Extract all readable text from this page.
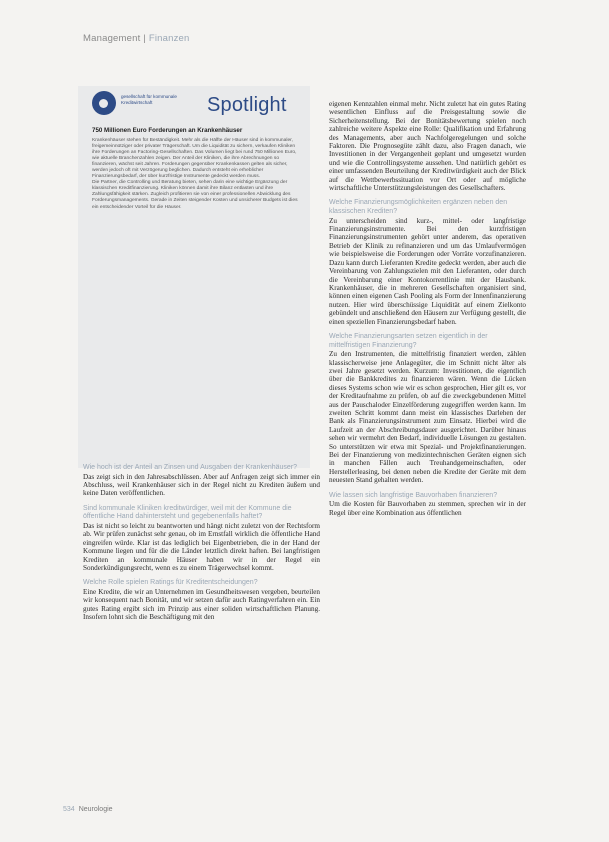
Management | Finanzen
gesellschaft für kommunale Kreditwirtschaft	Spotlight
750 Millionen Euro Forderungen an Krankenhäuser

Krankenhäuser stehen für Beständigkeit. Mehr als die Hälfte der Häuser sind in kommunaler, freigemeinnütziger oder privater Trägerschaft. Um die Liquidität zu sichern, verkaufen Kliniken ihre Forderungen an Factoring-Gesellschaften. Das Volumen liegt bei rund 750 Millionen Euro, wie aktuelle Branchenzahlen zeigen. Der Anteil der Kliniken, die ihre Abrechnungen so finanzieren, wächst seit Jahren. Forderungen gegenüber Krankenkassen gelten als sicher, werden jedoch oft mit Verzögerung beglichen. Dadurch entsteht ein erheblicher Finanzierungsbedarf, der über kurzfristige Instrumente gedeckt werden muss.

Die Partner, die Controlling und Beratung bieten, sehen darin eine wichtige Ergänzung der klassischen Kreditfinanzierung. Kliniken können damit ihre Bilanz entlasten und ihre Zahlungsfähigkeit stärken. Zugleich profitieren sie von einer professionellen Abwicklung des Forderungsmanagements. Gerade in Zeiten steigender Kosten und unsicherer Budgets ist dies ein entscheidender Vorteil für die Häuser.

Wie hoch ist der Anteil an Zinsen und Ausgaben der Krankenhäuser?

Das zeigt sich in den Jahresabschlüssen. Aber auf Anfragen zeigt sich immer ein Abschluss, weil Krankenhäuser sich in der Regel nicht zu Krediten äußern und keine Daten veröffentlichen.

Sind kommunale Kliniken kreditwürdiger, weil mit der Kommune die öffentliche Hand dahintersteht und gegebenenfalls haftet?

Das ist nicht so leicht zu beantworten und hängt nicht zuletzt von der Rechtsform ab. Wir prüfen zunächst sehr genau, ob im Ernstfall wirklich die öffentliche Hand eingreifen würde. Klar ist das lediglich bei Eigenbetrieben, die in der Hand der Kommune liegen und für die die Länder letztlich direkt haften. Bei langfristigen Krediten an kommunale Häuser haben wir in der Regel ein Sonderkündigungsrecht, wenn es zu einem Trägerwechsel kommt.

Welche Rolle spielen Ratings für Kreditentscheidungen?

Eine Kredite, die wir an Unternehmen im Gesundheitswesen vergeben, beurteilen wir konsequent nach Bonität, und wir setzen dafür auch Ratingverfahren ein. Ein gutes Rating ergibt sich im Prinzip aus einer soliden wirtschaftlichen Planung. Insofern lohnt sich die Beschäftigung mit den

eigenen Kennzahlen einmal mehr. Nicht zuletzt hat ein gutes Rating wesentlichen Einfluss auf die Preisgestaltung sowie die Sicherheitenstellung. Bei der Bonitätsbewertung spielen noch zahlreiche weitere Aspekte eine Rolle: Qualifikation und Erfahrung des Managements, aber auch Nachfolgeregelungen und solche Faktoren. Die Prognosegüte zählt dazu, also Fragen danach, wie Investitionen in der Vergangenheit geplant und umgesetzt wurden und wie die Controllingsysteme aussehen. Und natürlich gehört es einer umfassenden Beurteilung der Kreditwürdigkeit auch der Blick auf die Wettbewerbssituation vor Ort oder auf mögliche wirtschaftliche Unterstützungsleistungen des Gesellschafters.

Welche Finanzierungsmöglichkeiten ergänzen neben den klassischen Krediten?

Zu unterscheiden sind kurz-, mittel- oder langfristige Finanzierungsinstrumente. Bei den kurzfristigen Finanzierungsinstrumenten gehört unter anderem, das operativen Betrieb der Klinik zu refinanzieren und um das Umlaufvermögen wie beispielsweise die Forderungen oder Vorräte vorzufinanzieren. Dazu kann durch Lieferanten Kredite gedeckt werden, aber auch die Vereinbarung von Zahlungszielen mit den Lieferanten, oder durch die Vereinbarung einer Kontokorrentlinie mit der Hausbank. Krankenhäuser, die in mehreren Gesellschaften organisiert sind, können einen eigenen Cash Pooling als Form der Innenfinanzierung nutzen. Hier wird überschüssige Liquidität auf einem Zielkonto gebündelt und anschließend den Häusern zur Verfügung gestellt, die einen speziellen Finanzierungsbedarf haben.

Welche Finanzierungsarten setzen eigentlich in der mittelfristigen Finanzierung?

Zu den Instrumenten, die mittelfristig finanziert werden, zählen klassischerweise jene Anlagegüter, die im Schnitt nicht älter als zwei Jahre gesetzt werden. Kurzum: Investitionen, die eigentlich über die Bankkredites zu finanzieren wären. Wenn die Lücken dieses Systems schon wie wir es schon gesprochen, Hier gilt es, vor der Kreditaufnahme zu prüfen, ob auf die zweckgebundenen Mittel aus der Pauschaloder Einzelförderung zugegriffen werden kann. Im zweiten Schritt kommt dann meist ein klassisches Darlehen der Bank als Finanzierungsinstrument zum Einsatz. Hierbei wird die Laufzeit an der Abschreibungsdauer ausgerichtet. Darüber hinaus sehen wir vermehrt den Bedarf, individuelle Lösungen zu gestalten. So unterstützen wir etwa mit Spezial- und Projektfinanzierungen. Bei der Finanzierung von medizintechnischen Geräten eignen sich in manchen Fällen auch Treuhandgemeinschaften, oder Herstellerleasing, bei denen neben die Kredite der Geräte mit dem neuesten Stand gehalten werden.

Wie lassen sich langfristige Bauvorhaben finanzieren?

Um die Kosten für Bauvorhaben zu stemmen, sprechen wir in der Regel über eine Kombination aus öffentlichen

534 Neurologie
